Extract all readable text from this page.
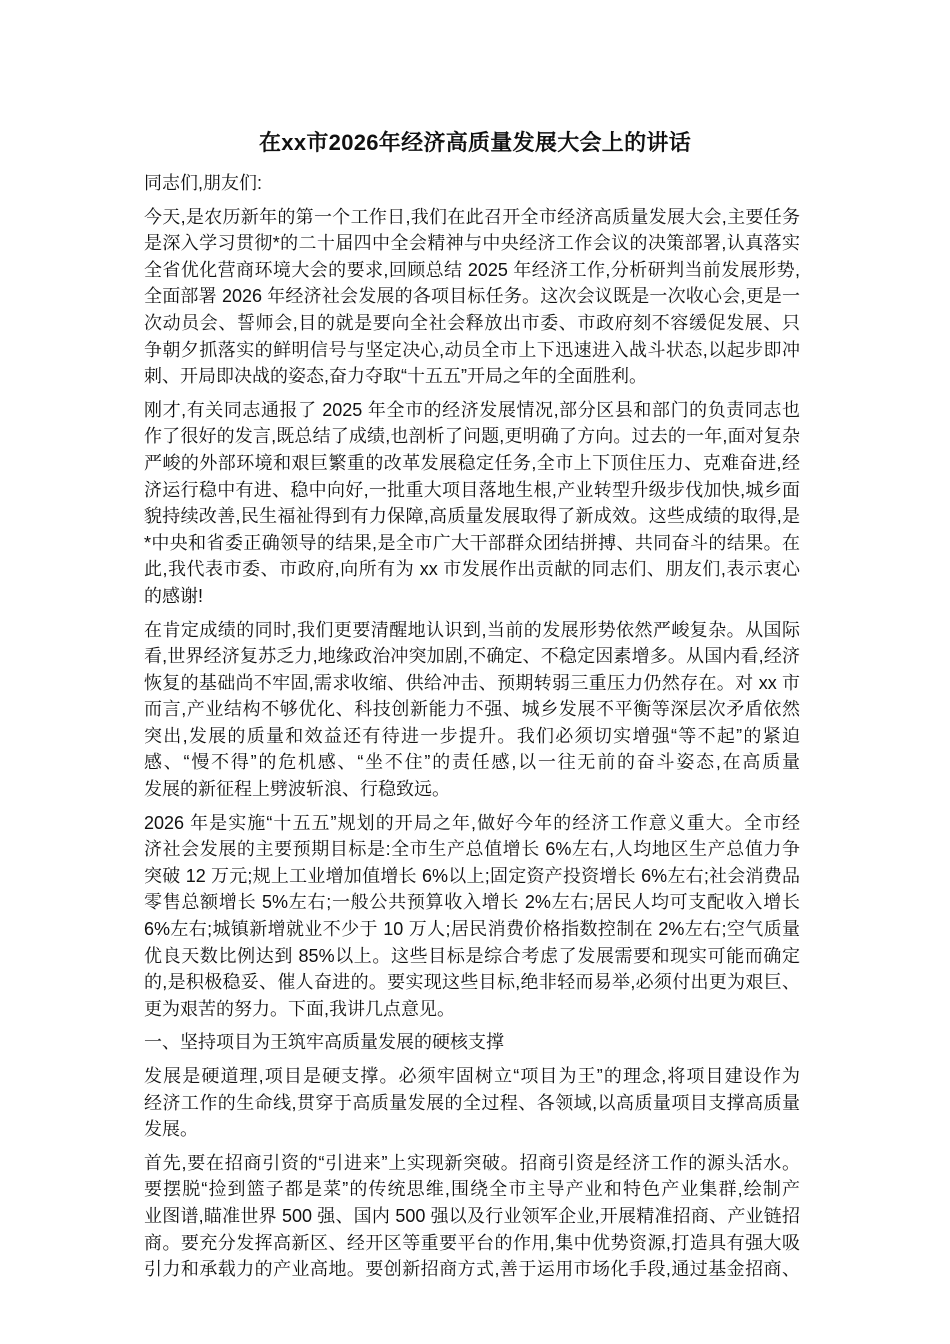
在xx市2026年经济高质量发展大会上的讲话
同志们,朋友们:
今天,是农历新年的第一个工作日,我们在此召开全市经济高质量发展大会,主要任务
是深入学习贯彻*的二十届四中全会精神与中央经济工作会议的决策部署,认真落实
全省优化营商环境大会的要求,回顾总结 2025 年经济工作,分析研判当前发展形势,
全面部署 2026 年经济社会发展的各项目标任务。这次会议既是一次收心会,更是一
次动员会、誓师会,目的就是要向全社会释放出市委、市政府刻不容缓促发展、只
争朝夕抓落实的鲜明信号与坚定决心,动员全市上下迅速进入战斗状态,以起步即冲
刺、开局即决战的姿态,奋力夺取“十五五”开局之年的全面胜利。
刚才,有关同志通报了 2025 年全市的经济发展情况,部分区县和部门的负责同志也
作了很好的发言,既总结了成绩,也剖析了问题,更明确了方向。过去的一年,面对复杂
严峻的外部环境和艰巨繁重的改革发展稳定任务,全市上下顶住压力、克难奋进,经
济运行稳中有进、稳中向好,一批重大项目落地生根,产业转型升级步伐加快,城乡面
貌持续改善,民生福祉得到有力保障,高质量发展取得了新成效。这些成绩的取得,是
*中央和省委正确领导的结果,是全市广大干部群众团结拼搏、共同奋斗的结果。在
此,我代表市委、市政府,向所有为 xx 市发展作出贡献的同志们、朋友们,表示衷心
的感谢!
在肯定成绩的同时,我们更要清醒地认识到,当前的发展形势依然严峻复杂。从国际
看,世界经济复苏乏力,地缘政治冲突加剧,不确定、不稳定因素增多。从国内看,经济
恢复的基础尚不牢固,需求收缩、供给冲击、预期转弱三重压力仍然存在。对 xx 市
而言,产业结构不够优化、科技创新能力不强、城乡发展不平衡等深层次矛盾依然
突出,发展的质量和效益还有待进一步提升。我们必须切实增强“等不起”的紧迫
感、“慢不得”的危机感、“坐不住”的责任感,以一往无前的奋斗姿态,在高质量
发展的新征程上劈波斩浪、行稳致远。
2026 年是实施“十五五”规划的开局之年,做好今年的经济工作意义重大。全市经
济社会发展的主要预期目标是:全市生产总值增长 6%左右,人均地区生产总值力争
突破 12 万元;规上工业增加值增长 6%以上;固定资产投资增长 6%左右;社会消费品
零售总额增长 5%左右;一般公共预算收入增长 2%左右;居民人均可支配收入增长
6%左右;城镇新增就业不少于 10 万人;居民消费价格指数控制在 2%左右;空气质量
优良天数比例达到 85%以上。这些目标是综合考虑了发展需要和现实可能而确定
的,是积极稳妥、催人奋进的。要实现这些目标,绝非轻而易举,必须付出更为艰巨、
更为艰苦的努力。下面,我讲几点意见。
一、坚持项目为王筑牢高质量发展的硬核支撑
发展是硬道理,项目是硬支撑。必须牢固树立“项目为王”的理念,将项目建设作为
经济工作的生命线,贯穿于高质量发展的全过程、各领域,以高质量项目支撑高质量
发展。
首先,要在招商引资的“引进来”上实现新突破。招商引资是经济工作的源头活水。
要摆脱“捡到篮子都是菜”的传统思维,围绕全市主导产业和特色产业集群,绘制产
业图谱,瞄准世界 500 强、国内 500 强以及行业领军企业,开展精准招商、产业链招
商。要充分发挥高新区、经开区等重要平台的作用,集中优势资源,打造具有强大吸
引力和承载力的产业高地。要创新招商方式,善于运用市场化手段,通过基金招商、
